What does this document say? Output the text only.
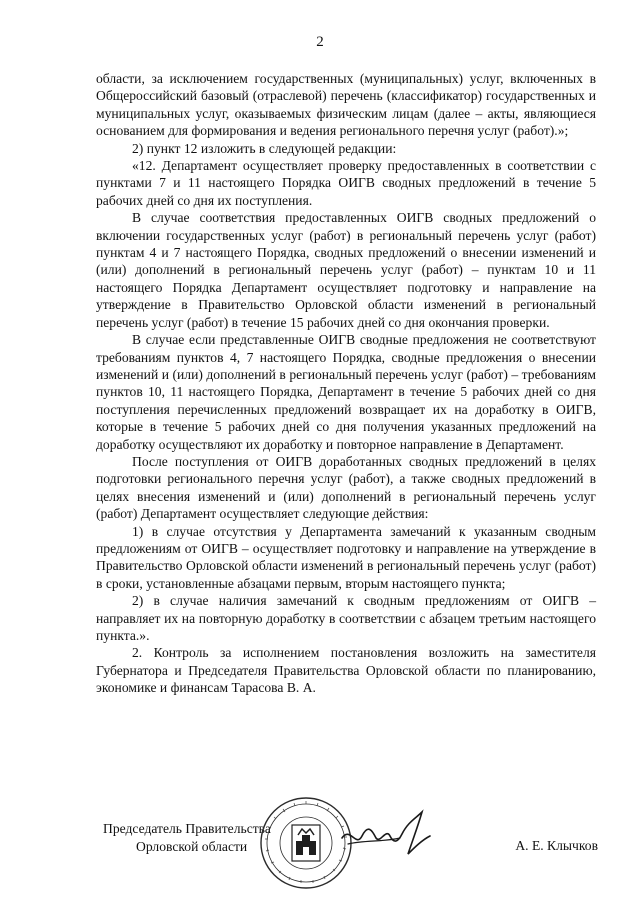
2

области, за исключением государственных (муниципальных) услуг, включенных в Общероссийский базовый (отраслевой) перечень (классификатор) государственных и муниципальных услуг, оказываемых физическим лицам (далее – акты, являющиеся основанием для формирования и ведения регионального перечня услуг (работ).»;

2) пункт 12 изложить в следующей редакции:

«12. Департамент осуществляет проверку предоставленных в соответствии с пунктами 7 и 11 настоящего Порядка ОИГВ сводных предложений в течение 5 рабочих дней со дня их поступления.

В случае соответствия предоставленных ОИГВ сводных предложений о включении государственных услуг (работ) в региональный перечень услуг (работ) пунктам 4 и 7 настоящего Порядка, сводных предложений о внесении изменений и (или) дополнений в региональный перечень услуг (работ) – пунктам 10 и 11 настоящего Порядка Департамент осуществляет подготовку и направление на утверждение в Правительство Орловской области изменений в региональный перечень услуг (работ) в течение 15 рабочих дней со дня окончания проверки.

В случае если представленные ОИГВ сводные предложения не соответствуют требованиям пунктов 4, 7 настоящего Порядка, сводные предложения о внесении изменений и (или) дополнений в региональный перечень услуг (работ) – требованиям пунктов 10, 11 настоящего Порядка, Департамент в течение 5 рабочих дней со дня поступления перечисленных предложений возвращает их на доработку в ОИГВ, которые в течение 5 рабочих дней со дня получения указанных предложений на доработку осуществляют их доработку и повторное направление в Департамент.

После поступления от ОИГВ доработанных сводных предложений в целях подготовки регионального перечня услуг (работ), а также сводных предложений в целях внесения изменений и (или) дополнений в региональный перечень услуг (работ) Департамент осуществляет следующие действия:

1) в случае отсутствия у Департамента замечаний к указанным сводным предложениям от ОИГВ – осуществляет подготовку и направление на утверждение в Правительство Орловской области изменений в региональный перечень услуг (работ) в сроки, установленные абзацами первым, вторым настоящего пункта;

2) в случае наличия замечаний к сводным предложениям от ОИГВ – направляет их на повторную доработку в соответствии с абзацем третьим настоящего пункта.».

2. Контроль за исполнением постановления возложить на заместителя Губернатора и Председателя Правительства Орловской области по планированию, экономике и финансам Тарасова В. А.

Председатель Правительства
Орловской области	А. Е. Клычков
